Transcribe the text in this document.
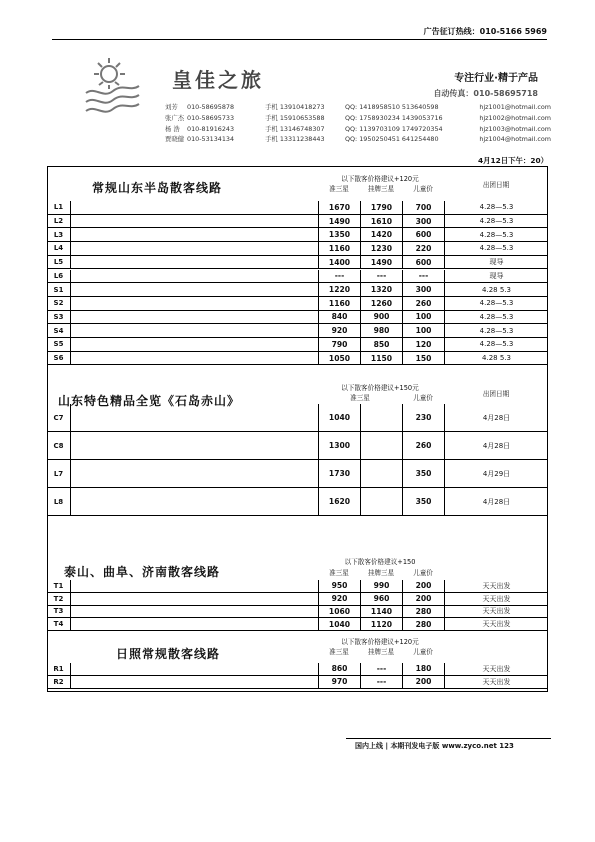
广告征订热线：010-5166 5969
皇佳之旅	专注行业·精于产品
自动传真：010-58695718
刘芳	010-58695878	手机 13910418273	QQ: 1418958510 513640598	hjz1001@hotmail.com
张广杰 010-58695733	手机 15910653588	QQ: 1758930234 1439053716	hjz1002@hotmail.com
杨 浩	010-81916243	手机 13146748307	QQ: 1139703109 1749720354	hjz1003@hotmail.com
贾晓健 010-53134134	手机 13311238443	QQ: 1950250451 641254480	hjz1004@hotmail.com
4月12日下午：20）
常规山东半岛散客线路
以下散客价格建议+120元
准三星	挂牌三星	儿童价	出团日期
L1	1670	1790	700	4.28—5.3
L2	1490	1610	300	4.28—5.3
L3	1350	1420	600	4.28—5.3
L4	1160	1230	220	4.28—5.3
L5	1400	1490	600	现导
L6	---	---	---	现导
S1	1220	1320	300	4.28 5.3
S2	1160	1260	260	4.28—5.3
S3	840	900	100	4.28—5.3
S4	920	980	100	4.28—5.3
S5	790	850	120	4.28—5.3
S6	1050	1150	150	4.28 5.3
山东特色精品全览《石岛赤山》
以下散客价格建议+150元
准三星	儿童价	出团日期
C7	1040	230	4月28日
C8	1300	260	4月28日
L7	1730	350	4月29日
L8	1620	350	4月28日
泰山、曲阜、济南散客线路
以下散客价格建议+150
准三星	挂牌三星	儿童价
T1	950	990	200	天天出发
T2	920	960	200	天天出发
T3	1060	1140	280	天天出发
T4	1040	1120	280	天天出发
日照常规散客线路
以下散客价格建议+120元
准三星	挂牌三星	儿童价
R1	860	---	180	天天出发
R2	970	---	200	天天出发
国内上线 | 本期刊发电子版 www.zyco.net 123
